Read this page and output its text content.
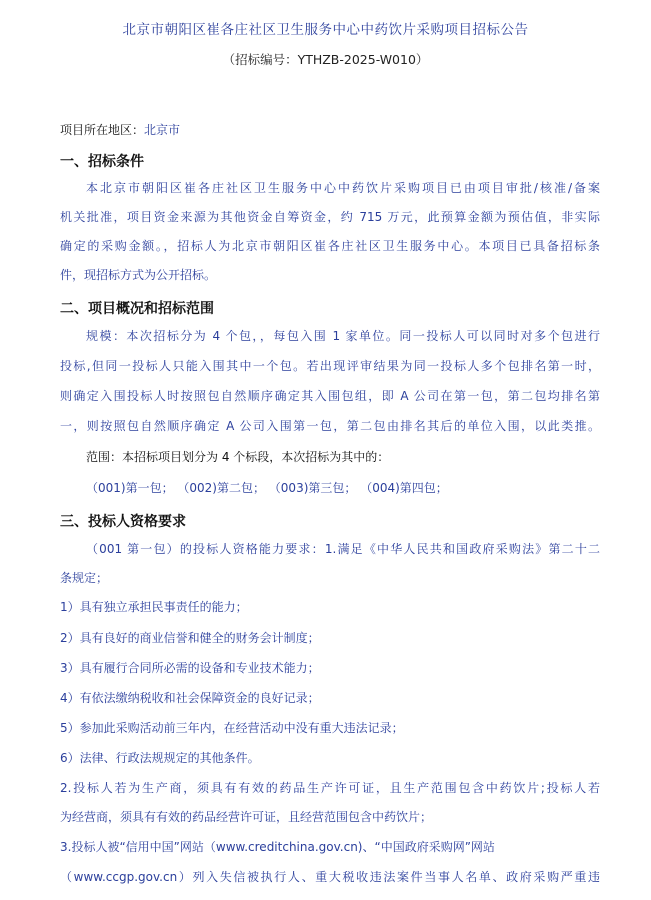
北京市朝阳区崔各庄社区卫生服务中心中药饮片采购项目招标公告
（招标编号：YTHZB-2025-W010）
项目所在地区：北京市
一、招标条件
本北京市朝阳区崔各庄社区卫生服务中心中药饮片采购项目已由项目审批/核准/备案
机关批准，项目资金来源为其他资金自筹资金，约 715 万元，此预算金额为预估值，非实际
确定的采购金额。，招标人为北京市朝阳区崔各庄社区卫生服务中心。本项目已具备招标条
件，现招标方式为公开招标。
二、项目概况和招标范围
规模：本次招标分为 4 个包，，每包入围 1 家单位。同一投标人可以同时对多个包进行
投标,但同一投标人只能入围其中一个包。若出现评审结果为同一投标人多个包排名第一时，
则确定入围投标人时按照包自然顺序确定其入围包组，即 A 公司在第一包，第二包均排名第
一，则按照包自然顺序确定 A 公司入围第一包，第二包由排名其后的单位入围，以此类推。
范围：本招标项目划分为 4 个标段，本次招标为其中的：
（001)第一包； （002)第二包； （003)第三包； （004)第四包；
三、投标人资格要求
（001 第一包）的投标人资格能力要求：1.满足《中华人民共和国政府采购法》第二十二
条规定；
1）具有独立承担民事责任的能力；
2）具有良好的商业信誉和健全的财务会计制度；
3）具有履行合同所必需的设备和专业技术能力；
4）有依法缴纳税收和社会保障资金的良好记录；
5）参加此采购活动前三年内，在经营活动中没有重大违法记录；
6）法律、行政法规规定的其他条件。
2.投标人若为生产商，须具有有效的药品生产许可证，且生产范围包含中药饮片;投标人若
为经营商，须具有有效的药品经营许可证，且经营范围包含中药饮片；
3.投标人被“信用中国”网站（www.creditchina.gov.cn)、“中国政府采购网”网站
（www.ccgp.gov.cn）列入失信被执行人、重大税收违法案件当事人名单、政府采购严重违
